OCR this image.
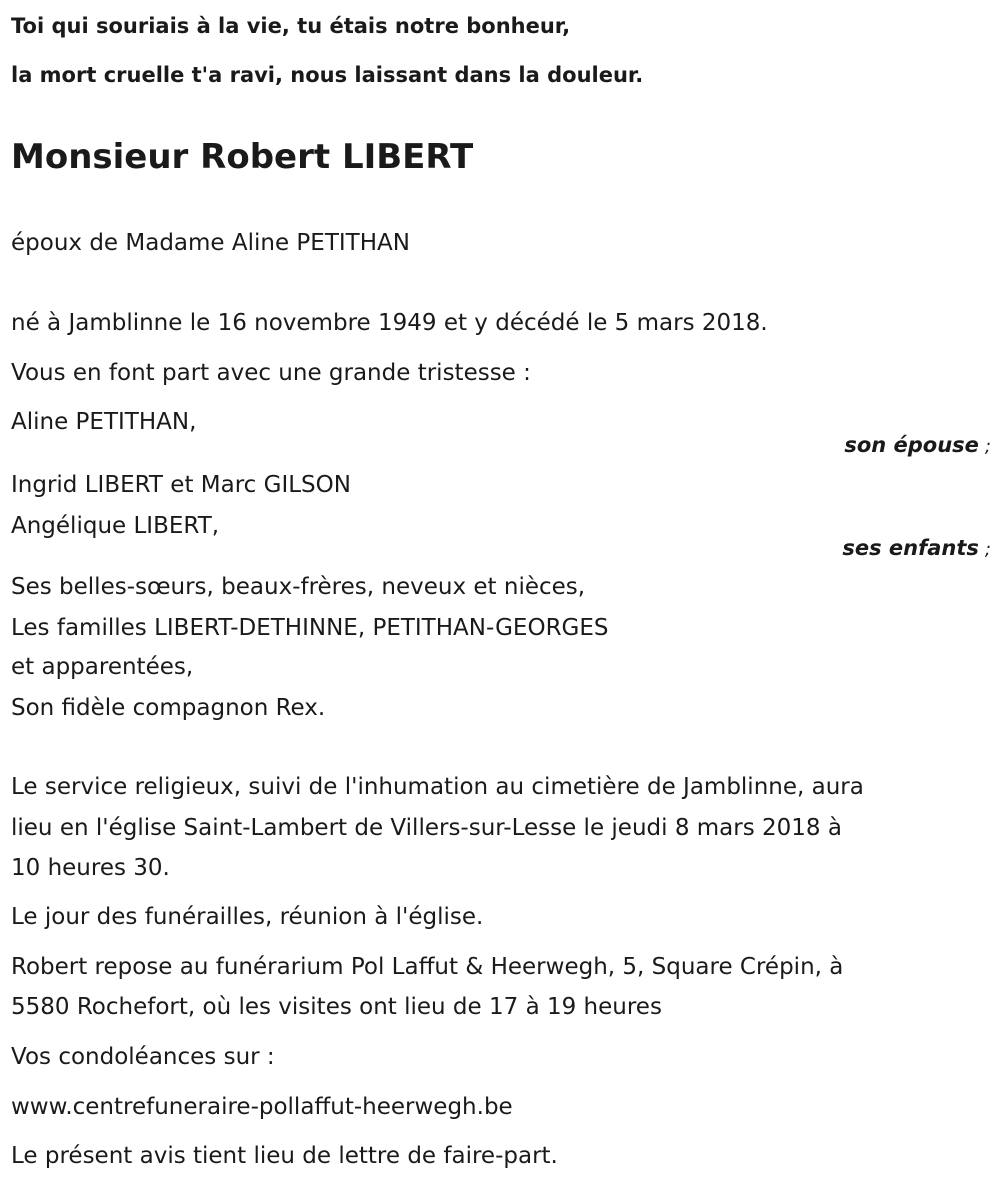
Toi qui souriais à la vie, tu étais notre bonheur,
la mort cruelle t'a ravi, nous laissant dans la douleur.
Monsieur Robert LIBERT
époux de Madame Aline PETITHAN
né à Jamblinne le 16 novembre 1949 et y décédé le 5 mars 2018.
Vous en font part avec une grande tristesse :
Aline PETITHAN,
son épouse ;
Ingrid LIBERT et Marc GILSON
Angélique LIBERT,
ses enfants ;
Ses belles-sœurs, beaux-frères, neveux et nièces,
Les familles LIBERT-DETHINNE, PETITHAN-GEORGES
et apparentées,
Son fidèle compagnon Rex.
Le service religieux, suivi de l'inhumation au cimetière de Jamblinne, aura
lieu en l'église Saint-Lambert de Villers-sur-Lesse le jeudi 8 mars 2018 à
10 heures 30.
Le jour des funérailles, réunion à l'église.
Robert repose au funérarium Pol Laffut & Heerwegh, 5, Square Crépin, à
5580 Rochefort, où les visites ont lieu de 17 à 19 heures
Vos condoléances sur :
www.centrefuneraire-pollaffut-heerwegh.be
Le présent avis tient lieu de lettre de faire-part.
